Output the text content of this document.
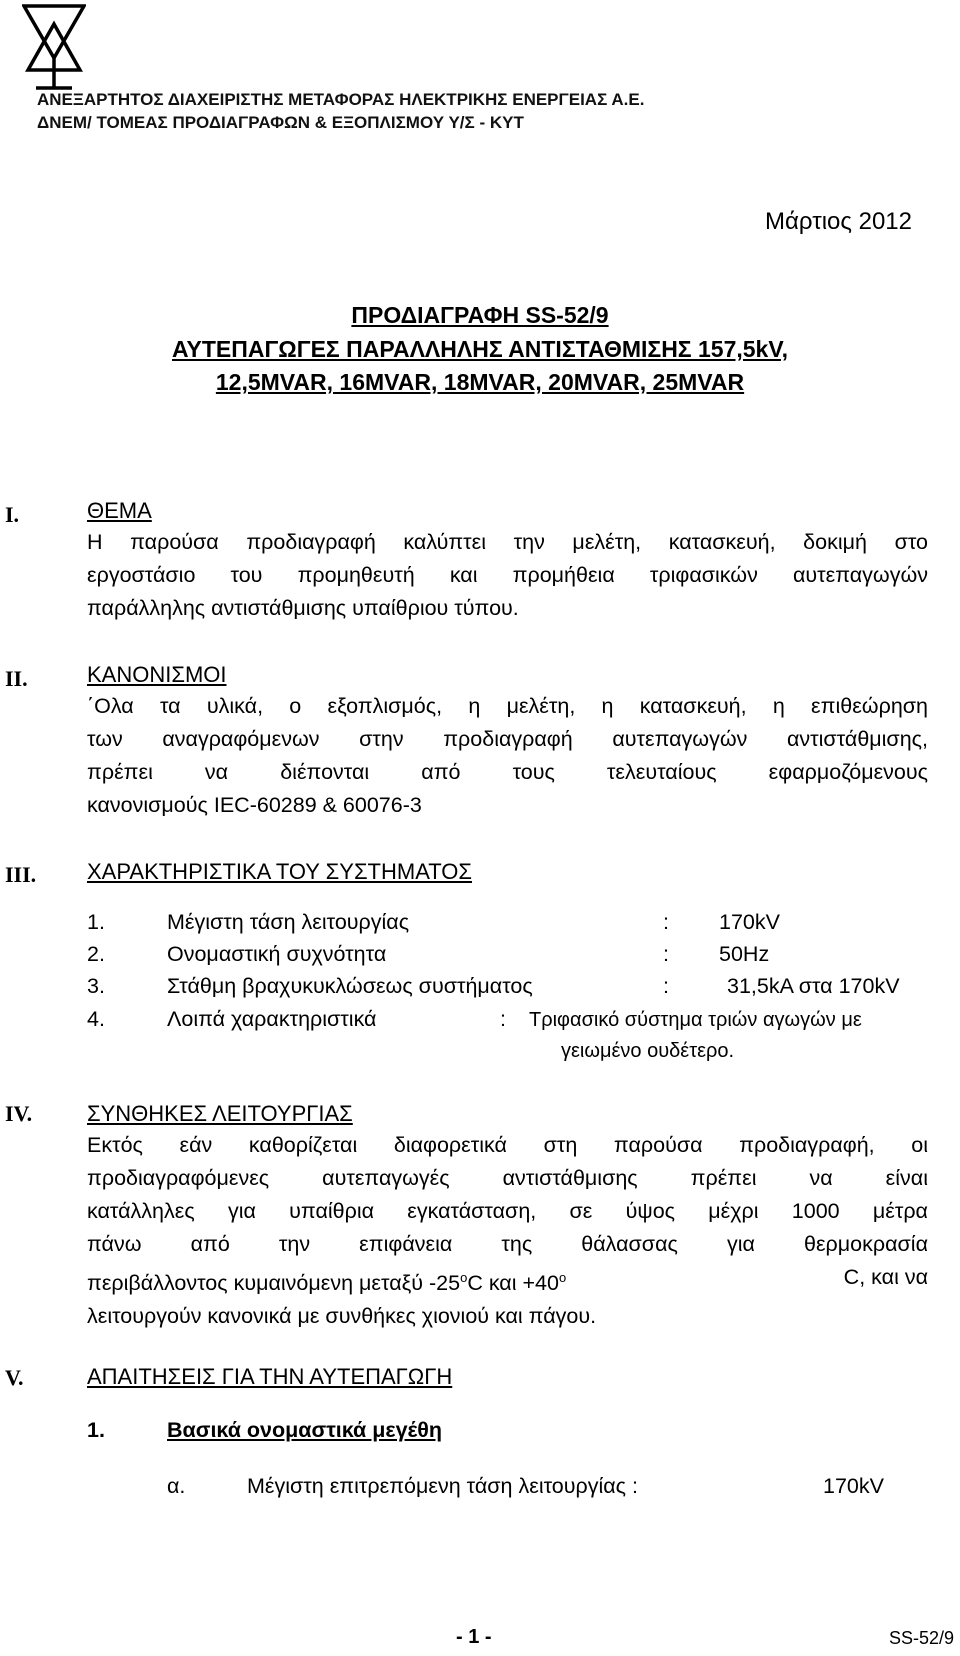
ΑΝΕΞΑΡΤΗΤΟΣ ΔΙΑΧΕΙΡΙΣΤΗΣ ΜΕΤΑΦΟΡΑΣ ΗΛΕΚΤΡΙΚΗΣ ΕΝΕΡΓΕΙΑΣ Α.Ε.
ΔΝΕΜ/ ΤΟΜΕΑΣ ΠΡΟΔΙΑΓΡΑΦΩΝ & ΕΞΟΠΛΙΣΜΟΥ Υ/Σ - ΚΥΤ
Μάρτιος 2012
ΠΡΟΔΙΑΓΡΑΦΗ SS-52/9
ΑΥΤΕΠΑΓΩΓΕΣ ΠΑΡΑΛΛΗΛΗΣ ΑΝΤΙΣΤΑΘΜΙΣΗΣ 157,5kV,
12,5MVAR, 16MVAR, 18MVAR, 20MVAR, 25MVAR
I.	ΘΕΜΑ
Η παρούσα προδιαγραφή καλύπτει την μελέτη, κατασκευή, δοκιμή στο
εργοστάσιο του προμηθευτή και προμήθεια τριφασικών αυτεπαγωγών
παράλληλης αντιστάθμισης υπαίθριου τύπου.
II.	ΚΑΝΟΝΙΣΜΟΙ
΄Ολα τα υλικά, ο εξοπλισμός, η μελέτη, η κατασκευή, η επιθεώρηση
των αναγραφόμενων στην προδιαγραφή αυτεπαγωγών αντιστάθμισης,
πρέπει να διέπονται από τους τελευταίους εφαρμοζόμενους
κανονισμούς IEC-60289 & 60076-3
III. ΧΑΡΑΚΤΗΡΙΣΤΙΚΑ ΤΟΥ ΣΥΣΤΗΜΑΤΟΣ
1.	Μέγιστη τάση λειτουργίας	: 170kV
2.	Ονομαστική συχνότητα	: 50Hz
3.	Στάθμη βραχυκυκλώσεως συστήματος	:	31,5kA στα 170kV
4.	Λοιπά χαρακτηριστικά	: Τριφασικό σύστημα τριών αγωγών με
γειωμένο ουδέτερο.
IV. ΣΥΝΘΗΚΕΣ ΛΕΙΤΟΥΡΓΙΑΣ
Εκτός εάν καθορίζεται διαφορετικά στη παρούσα προδιαγραφή, οι
προδιαγραφόμενες αυτεπαγωγές αντιστάθμισης πρέπει να είναι
κατάλληλες για υπαίθρια εγκατάσταση, σε ύψος μέχρι 1000 μέτρα
πάνω από την επιφάνεια της θάλασσας για θερμοκρασία
περιβάλλοντος κυμαινόμενη μεταξύ -25$^o$C $\kappa\alpha\iota +40^o$	C, και να
λειτουργούν κανονικά με συνθήκες χιονιού και πάγου.
V.	ΑΠΑΙΤΗΣΕΙΣ ΓΙΑ ΤΗΝ ΑΥΤΕΠΑΓΩΓΗ
1.	Βασικά ονομαστικά μεγέθη
α.	Μέγιστη επιτρεπόμενη τάση λειτουργίας :	170kV
- 1 -	SS-52/9
